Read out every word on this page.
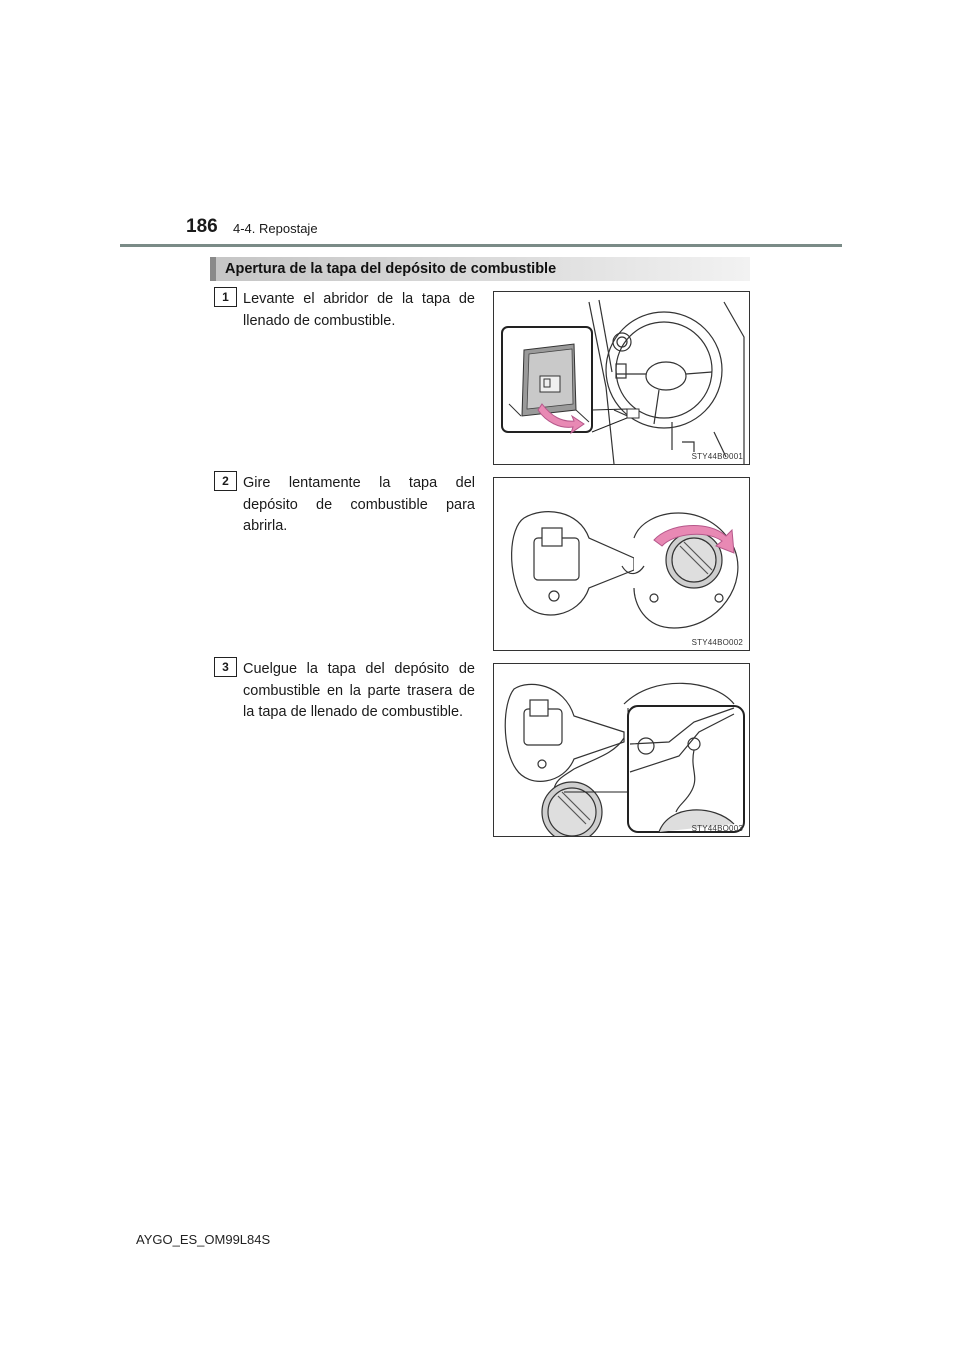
186 4-4. Repostaje
Apertura de la tapa del depósito de combustible
1 Levante el abridor de la tapa de llenado de combustible.
STY44BO001
2 Gire lentamente la tapa del depósito de combustible para abrirla.
STY44BO002
3 Cuelgue la tapa del depósito de combustible en la parte trasera de la tapa de llenado de combustible.
STY44BO003
AYGO_ES_OM99L84S
